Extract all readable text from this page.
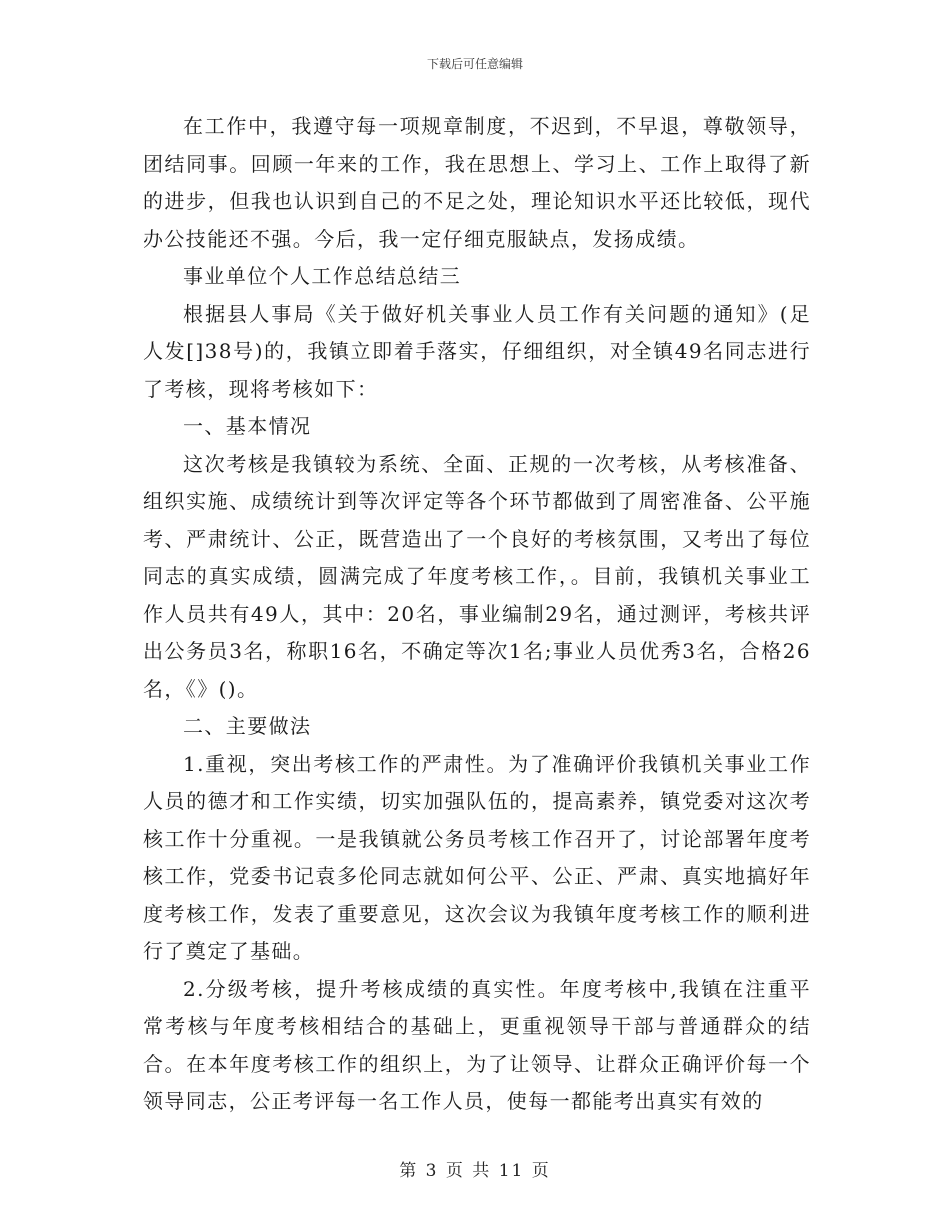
下载后可任意编辑

在工作中，我遵守每一项规章制度，不迟到，不早退，尊敬领导，团结同事。回顾一年来的工作，我在思想上、学习上、工作上取得了新的进步，但我也认识到自己的不足之处，理论知识水平还比较低，现代办公技能还不强。今后，我一定仔细克服缺点，发扬成绩。

事业单位个人工作总结总结三

根据县人事局《关于做好机关事业人员工作有关问题的通知》(足人发[]38号)的，我镇立即着手落实，仔细组织，对全镇49名同志进行了考核，现将考核如下：

一、基本情况

这次考核是我镇较为系统、全面、正规的一次考核，从考核准备、组织实施、成绩统计到等次评定等各个环节都做到了周密准备、公平施考、严肃统计、公正，既营造出了一个良好的考核氛围，又考出了每位同志的真实成绩，圆满完成了年度考核工作，。目前，我镇机关事业工作人员共有49人，其中：20名，事业编制29名，通过测评，考核共评出公务员3名，称职16名，不确定等次1名;事业人员优秀3名，合格26名，《》()。

二、主要做法

1.重视，突出考核工作的严肃性。为了准确评价我镇机关事业工作人员的德才和工作实绩，切实加强队伍的，提高素养，镇党委对这次考核工作十分重视。一是我镇就公务员考核工作召开了，讨论部署年度考核工作，党委书记袁多伦同志就如何公平、公正、严肃、真实地搞好年度考核工作，发表了重要意见，这次会议为我镇年度考核工作的顺利进行了奠定了基础。

2.分级考核，提升考核成绩的真实性。年度考核中,我镇在注重平常考核与年度考核相结合的基础上，更重视领导干部与普通群众的结合。在本年度考核工作的组织上，为了让领导、让群众正确评价每一个领导同志，公正考评每一名工作人员，使每一都能考出真实有效的

第 3 页 共 11 页
